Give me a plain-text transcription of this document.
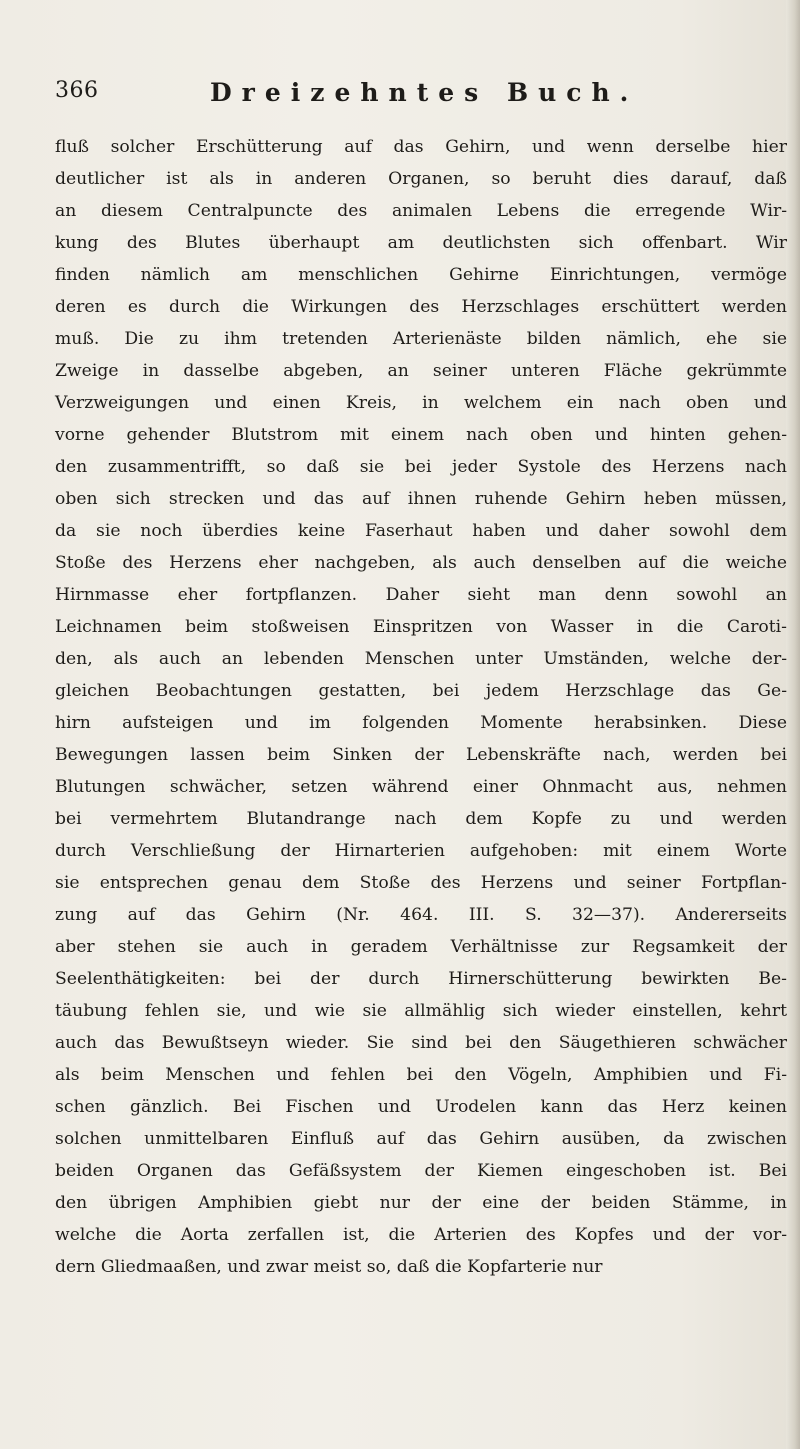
366	Dreizehntes Buch.
fluß solcher Erschütterung auf das Gehirn, und wenn derselbe hier
deutlicher ist als in anderen Organen, so beruht dies darauf, daß
an diesem Centralpuncte des animalen Lebens die erregende Wir-
kung des Blutes überhaupt am deutlichsten sich offenbart. Wir
finden nämlich am menschlichen Gehirne Einrichtungen, vermöge
deren es durch die Wirkungen des Herzschlages erschüttert werden
muß. Die zu ihm tretenden Arterienäste bilden nämlich, ehe sie
Zweige in dasselbe abgeben, an seiner unteren Fläche gekrümmte
Verzweigungen und einen Kreis, in welchem ein nach oben und
vorne gehender Blutstrom mit einem nach oben und hinten gehen-
den zusammentrifft, so daß sie bei jeder Systole des Herzens nach
oben sich strecken und das auf ihnen ruhende Gehirn heben müssen,
da sie noch überdies keine Faserhaut haben und daher sowohl dem
Stoße des Herzens eher nachgeben, als auch denselben auf die weiche
Hirnmasse eher fortpflanzen. Daher sieht man denn sowohl an
Leichnamen beim stoßweisen Einspritzen von Wasser in die Caroti-
den, als auch an lebenden Menschen unter Umständen, welche der-
gleichen Beobachtungen gestatten, bei jedem Herzschlage das Ge-
hirn aufsteigen und im folgenden Momente herabsinken. Diese
Bewegungen lassen beim Sinken der Lebenskräfte nach, werden bei
Blutungen schwächer, setzen während einer Ohnmacht aus, nehmen
bei vermehrtem Blutandrange nach dem Kopfe zu und werden
durch Verschließung der Hirnarterien aufgehoben: mit einem Worte
sie entsprechen genau dem Stoße des Herzens und seiner Fortpflan-
zung auf das Gehirn (Nr. 464. III. S. 32—37). Andererseits
aber stehen sie auch in geradem Verhältnisse zur Regsamkeit der
Seelenthätigkeiten: bei der durch Hirnerschütterung bewirkten Be-
täubung fehlen sie, und wie sie allmählig sich wieder einstellen, kehrt
auch das Bewußtseyn wieder. Sie sind bei den Säugethieren schwächer
als beim Menschen und fehlen bei den Vögeln, Amphibien und Fi-
schen gänzlich. Bei Fischen und Urodelen kann das Herz keinen
solchen unmittelbaren Einfluß auf das Gehirn ausüben, da zwischen
beiden Organen das Gefäßsystem der Kiemen eingeschoben ist. Bei
den übrigen Amphibien giebt nur der eine der beiden Stämme, in
welche die Aorta zerfallen ist, die Arterien des Kopfes und der vor-
dern Gliedmaaßen, und zwar meist so, daß die Kopfarterie nur
